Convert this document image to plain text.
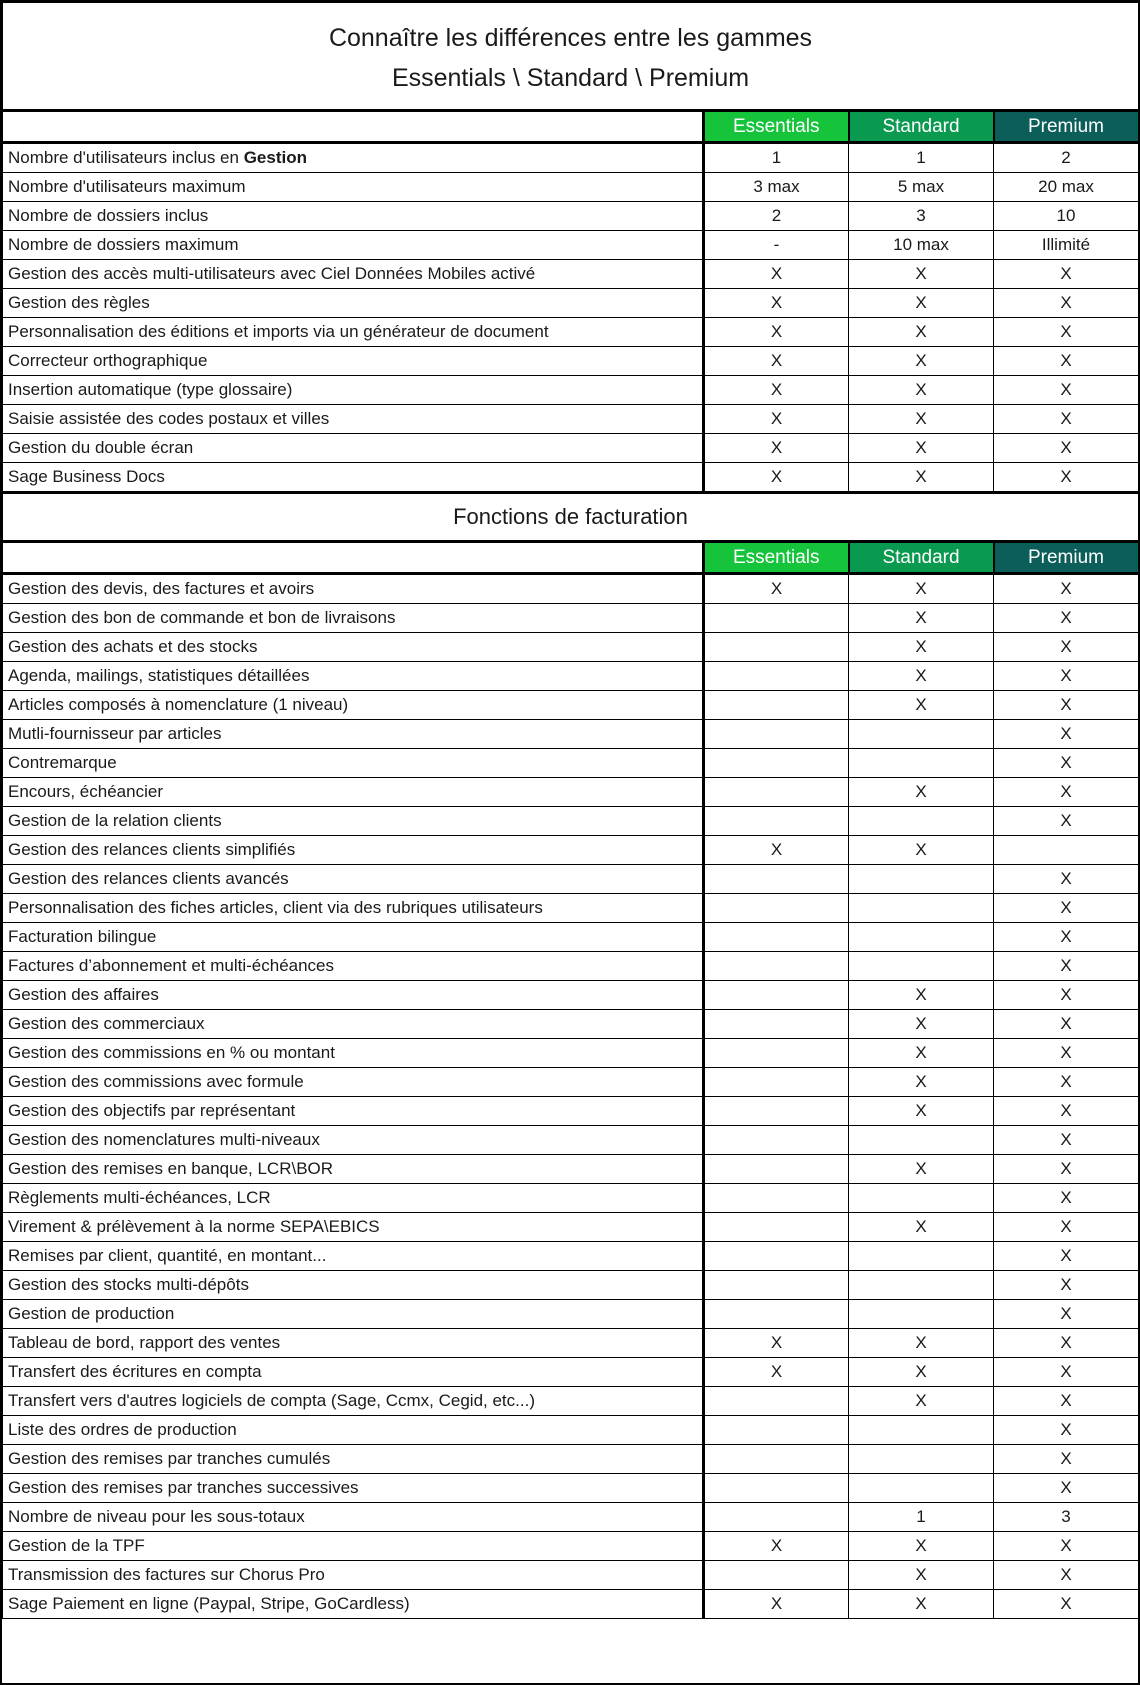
Connaître les différences entre les gammes
Essentials \ Standard \ Premium			

	Essentials	Standard	Premium
Nombre d'utilisateurs inclus en Gestion	1	1	2
Nombre d'utilisateurs maximum	3 max	5 max	20 max
Nombre de dossiers inclus	2	3	10
Nombre de dossiers maximum	-	10 max	Illimité
Gestion des accès multi-utilisateurs avec Ciel Données Mobiles activé	X	X	X
Gestion des règles	X	X	X
Personnalisation des éditions et imports via un générateur de document	X	X	X
Correcteur orthographique	X	X	X
Insertion automatique (type glossaire)	X	X	X
Saisie assistée des codes postaux et villes	X	X	X
Gestion du double écran	X	X	X
Sage Business Docs	X	X	X
Fonctions de facturation			
	Essentials	Standard	Premium
Gestion des devis, des factures et avoirs	X	X	X
Gestion des bon de commande et bon de livraisons		X	X
Gestion des achats et des stocks		X	X
Agenda, mailings, statistiques détaillées		X	X
Articles composés à nomenclature (1 niveau)		X	X
Mutli-fournisseur par articles			X
Contremarque			X
Encours, échéancier		X	X
Gestion de la relation clients			X
Gestion des relances clients simplifiés	X	X	
Gestion des relances clients avancés			X
Personnalisation des fiches articles, client via des rubriques utilisateurs			X
Facturation bilingue			X
Factures d’abonnement et multi-échéances			X
Gestion des affaires		X	X
Gestion des commerciaux		X	X
Gestion des commissions en % ou montant		X	X
Gestion des commissions avec formule		X	X
Gestion des objectifs par représentant		X	X
Gestion des nomenclatures multi-niveaux			X
Gestion des remises en banque, LCR\BOR		X	X
Règlements multi-échéances, LCR			X
Virement & prélèvement à la norme SEPA\EBICS		X	X
Remises par client, quantité, en montant...			X
Gestion des stocks multi-dépôts			X
Gestion de production			X
Tableau de bord, rapport des ventes	X	X	X
Transfert des écritures en compta	X	X	X
Transfert vers d'autres logiciels de compta (Sage, Ccmx, Cegid, etc...)		X	X
Liste des ordres de production			X
Gestion des remises par tranches cumulés			X
Gestion des remises par tranches successives			X
Nombre de niveau pour les sous-totaux		1	3
Gestion de la TPF	X	X	X
Transmission des factures sur Chorus Pro		X	X
Sage Paiement en ligne (Paypal, Stripe, GoCardless)	X	X	X
